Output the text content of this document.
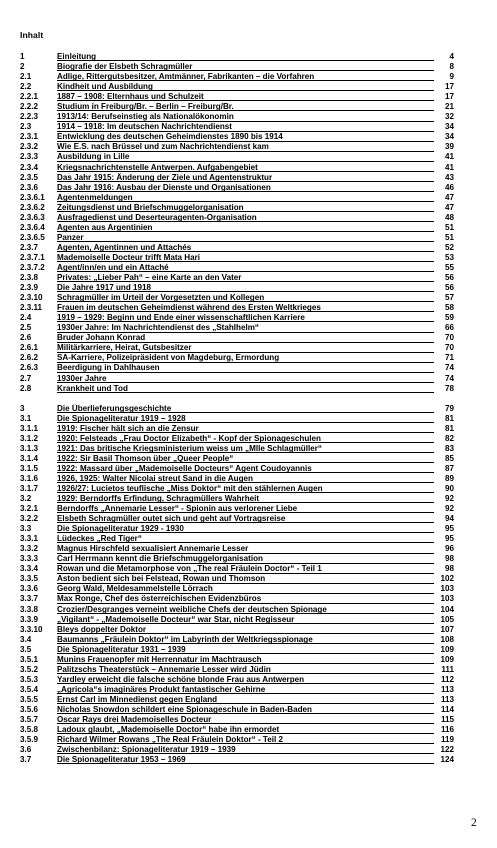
Inhalt
1	Einleitung	4
2	Biografie der Elsbeth Schragmüller	8
2.1	Adlige, Rittergutsbesitzer, Amtmänner, Fabrikanten – die Vorfahren	9
2.2	Kindheit und Ausbildung	17
2.2.1 1887 – 1908: Elternhaus und Schulzeit	17
2.2.2 Studium in Freiburg/Br. – Berlin – Freiburg/Br.	21
2.2.3 1913/14: Berufseinstieg als Nationalökonomin	32
2.3	1914 – 1918: Im deutschen Nachrichtendienst	34
2.3.1 Entwicklung des deutschen Geheimdienstes 1890 bis 1914	34
2.3.2 Wie E.S. nach Brüssel und zum Nachrichtendienst kam	39
2.3.3 Ausbildung in Lille	41
2.3.4 Kriegsnachrichtenstelle Antwerpen. Aufgabengebiet	41
2.3.5 Das Jahr 1915: Änderung der Ziele und Agentenstruktur	43
2.3.6 Das Jahr 1916: Ausbau der Dienste und Organisationen	46
2.3.6.1 Agentenmeldungen	47
2.3.6.2 Zeitungsdienst und Briefschmuggelorganisation	47
2.3.6.3 Ausfragedienst und Deserteuragenten-Organisation	48
2.3.6.4 Agenten aus Argentinien	51
2.3.6.5 Panzer	51
2.3.7 Agenten, Agentinnen und Attachés	52
2.3.7.1 Mademoiselle Docteur trifft Mata Hari	53
2.3.7.2 Agent/inn/en und ein Attaché	55
2.3.8 Privates: „Lieber Pah“ – eine Karte an den Vater	56
2.3.9 Die Jahre 1917 und 1918	56
2.3.10 Schragmüller im Urteil der Vorgesetzten und Kollegen	57
2.3.11 Frauen im deutschen Geheimdienst während des Ersten Weltkrieges	58
2.4	1919 – 1929: Beginn und Ende einer wissenschaftlichen Karriere	59
2.5	1930er Jahre: Im Nachrichtendienst des „Stahlhelm“	66
2.6	Bruder Johann Konrad	70
2.6.1 Militärkarriere, Heirat, Gutsbesitzer	70
2.6.2 SA-Karriere, Polizeipräsident von Magdeburg, Ermordung	71
2.6.3 Beerdigung in Dahlhausen	74
2.7	1930er Jahre	74
2.8	Krankheit und Tod	78
3	Die Überlieferungsgeschichte	79
3.1	Die Spionageliteratur 1919 – 1928	81
3.1.1 1919: Fischer hält sich an die Zensur	81
3.1.2 1920: Felsteads „Frau Doctor Elizabeth“ - Kopf der Spionageschulen	82
3.1.3 1921: Das britische Kriegsministerium weiss um „Mlle Schlagmüller“	83
3.1.4 1922: Sir Basil Thomson über „Queer People“	85
3.1.5 1922: Massard über „Mademoiselle Docteurs“ Agent Coudoyannis	87
3.1.6 1926, 1925: Walter Nicolai streut Sand in die Augen	89
3.1.7 1926/27: Lucietos teuflische „Miss Doktor“ mit den stählernen Augen	90
3.2	1929: Berndorffs Erfindung, Schragmüllers Wahrheit	92
3.2.1 Berndorffs „Annemarie Lesser“ - Spionin aus verlorener Liebe	92
3.2.2 Elsbeth Schragmüller outet sich und geht auf Vortragsreise	94
3.3	Die Spionageliteratur 1929 - 1930	95
3.3.1 Lüdeckes „Red Tiger“	95
3.3.2 Magnus Hirschfeld sexualisiert Annemarie Lesser	96
3.3.3 Carl Herrmann kennt die Briefschmuggelorganisation	98
3.3.4 Rowan und die Metamorphose von „The real Fräulein Doctor“ - Teil 1	98
3.3.5 Aston bedient sich bei Felstead, Rowan und Thomson	102
3.3.6 Georg Wald, Meldesammelstelle Lörrach	103
3.3.7 Max Ronge, Chef des österreichischen Evidenzbüros	103
3.3.8 Crozier/Desgranges verneint weibliche Chefs der deutschen Spionage	104
3.3.9 „Vigilant“ - „Mademoiselle Docteur“ war Star, nicht Regisseur	105
3.3.10 Bleys doppelter Doktor	107
3.4	Baumanns „Fräulein Doktor“ im Labyrinth der Weltkriegsspionage	108
3.5	Die Spionageliteratur 1931 – 1939	109
3.5.1 Munins Frauenopfer mit Herrennatur im Machtrausch	109
3.5.2 Palitzschs Theaterstück – Annemarie Lesser wird Jüdin	111
3.5.3 Yardley erweicht die falsche schöne blonde Frau aus Antwerpen	112
3.5.4 „Agricola“s imaginäres Produkt fantastischer Gehirne	113
3.5.5 Ernst Carl im Minnedienst gegen England	113
3.5.6 Nicholas Snowdon schildert eine Spionageschule in Baden-Baden	114
3.5.7 Oscar Rays drei Mademoiselles Docteur	115
3.5.8 Ladoux glaubt, „Mademoiselle Doctor“ habe ihn ermordet	116
3.5.9 Richard Wilmer Rowans „The Real Fräulein Doktor“ - Teil 2	119
3.6	Zwischenbilanz: Spionageliteratur 1919 – 1939	122
3.7	Die Spionageliteratur 1953 – 1969	124
2
